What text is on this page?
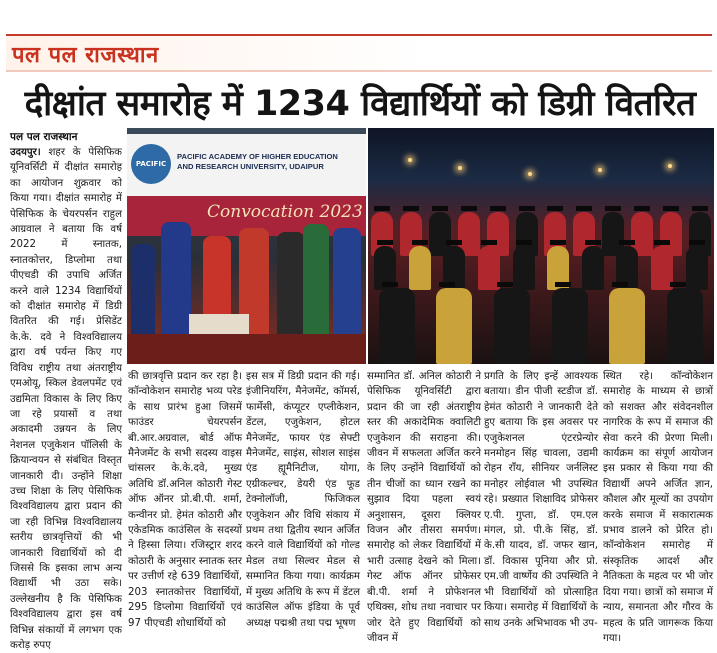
पल पल राजस्थान
दीक्षांत समारोह में 1234 विद्यार्थियों को डिग्री वितरित
पल पल राजस्थान
उदयपुर। शहर के पेसिफिक यूनिवर्सिटी में दीक्षांत समारोह का आयोजन शुक्रवार को किया गया। दीक्षांत समारोह में पेसिफिक के चेयरपर्सन राहुल आग्रवाल ने बताया कि वर्ष 2022 में स्नातक, स्नातकोत्तर, डिप्लोमा तथा पीएचडी की उपाधि अर्जित करने वाले 1234 विद्यार्थियों को दीक्षांत समारोह में डिग्री वितरित की गई। प्रेसिडेंट के.के. दवे ने विश्वविद्यालय द्वारा वर्ष पर्यन्त किए गए विविध राष्ट्रीय तथा अंतराष्ट्रीय एमओयू, स्किल डेवलपमेंट एवं उद्यमिता विकास के लिए किए जा रहे प्रयासों व तथा अकादमी उन्नयन के लिए नेशनल एजुकेशन पॉलिसी के क्रियान्वयन से संबंधित विस्तृत जानकारी दी। उन्होंने शिक्षा उच्च शिक्षा के लिए पेसिफिक विश्वविद्यालय द्वारा प्रदान की जा रही विभिन्न विश्वविद्यालय स्तरीय छात्रवृत्तियों की भी जानकारी विद्यार्थियों को दी जिससे कि इसका लाभ अन्य विद्यार्थी भी उठा सके। उल्लेखनीय है कि पेसिफिक विश्वविद्यालय द्वारा इस वर्ष विभिन्न संकायों में लगभग एक करोड़ रुपए
PACIFIC
PACIFIC ACADEMY OF HIGHER EDUCATION
AND RESEARCH UNIVERSITY, UDAIPUR
Convocation 2023
की छात्रवृत्ति प्रदान कर रहा है। कॉन्वोकेशन समारोह भव्य परेड के साथ प्रारंभ हुआ जिसमें फाउंडर चेयरपर्सन बी.आर.अग्रवाल, बोर्ड ऑफ मैनेजमेंट के सभी सदस्य वाइस चांसलर के.के.दवे, मुख्य अतिथि डॉ.अनिल कोठारी गेस्ट ऑफ ऑनर प्रो.बी.पी. शर्मा, कन्वीनर प्रो. हेमंत कोठारी और एकेडमिक काउंसिल के सदस्यों ने हिस्सा लिया। रजिस्ट्रार शरद कोठारी के अनुसार स्नातक स्तर पर उत्तीर्ण रहे 639 विद्यार्थियों, 203 स्नातकोत्तर विद्यार्थियों, 295 डिप्लोमा विद्यार्थियों एवं 97 पीएचडी शोधार्थियों को
इस सत्र में डिग्री प्रदान की गई। इंजीनियरिंग, मैनेजमेंट, कॉमर्स, फार्मेसी, कंप्यूटर एप्लीकेशन, डेंटल, एजुकेशन, होटल मैनेजमेंट, फायर एंड सेफ्टी मैनेजमेंट, साइंस, सोशल साइंस एंड ह्यूमैनिटीज, योगा, एग्रीकल्चर, डेयरी एंड फूड टेक्नोलॉजी, फिजिकल एजुकेशन और विधि संकाय में प्रथम तथा द्वितीय स्थान अर्जित करने वाले विद्यार्थियों को गोल्ड मेडल तथा सिल्वर मेडल से सम्मानित किया गया। कार्यक्रम में मुख्य अतिथि के रूप में डेंटल काउंसिल ऑफ इंडिया के पूर्व अध्यक्ष पद्मश्री तथा पद्म भूषण
सम्मानित डॉ. अनिल कोठारी ने पेसिफिक यूनिवर्सिटी द्वारा प्रदान की जा रही अंतराष्ट्रीय स्तर की अकादेमिक क्वालिटी एजुकेशन की सराहना की। जीवन में सफलता अर्जित करने के लिए उन्होंने विद्यार्थियों को तीन चीजों का ध्यान रखने का सुझाव दिया पहला स्वयं अनुशासन, दूसरा क्लियर विजन और तीसरा समर्पण। समारोह को लेकर विद्यार्थियों में भारी उत्साह देखने को मिला। गेस्ट ऑफ ऑनर प्रोफेसर बी.पी. शर्मा ने प्रोफेशनल एथिक्स, शोध तथा नवाचार पर जोर देते हुए विद्यार्थियों को जीवन में
प्रगति के लिए इन्हें आवश्यक बताया। डीन पीजी स्टडीज डॉ. हेमंत कोठारी ने जानकारी देते हुए बताया कि इस अवसर पर एजुकेशनल एंटरप्रेन्योर मनमोहन सिंह चावला, उद्यमी रोहन राँय, सीनियर जर्नलिस्ट मनोहर लोईवाल भी उपस्थित रहे। प्रख्यात शिक्षाविद प्रोफेसर ए.पी. गुप्ता, डॉ. एम.एल मंगल, प्रो. पी.के सिंह, डॉ. के.सी यादव, डॉ. जफर खान, डॉ. विकास पूनिया और प्रो. एम.जी वार्ष्णेय की उपस्थिति ने भी विद्यार्थियों को प्रोत्साहित किया। समारोह में विद्यार्थियों के साथ उनके अभिभावक भी उप-
स्थित रहे। कॉन्वोकेशन समारोह के माध्यम से छात्रों को सशक्त और संवेदनशील नागरिक के रूप में समाज की सेवा करने की प्रेरणा मिली। कार्यक्रम का संपूर्ण आयोजन इस प्रकार से किया गया की विद्यार्थी अपने अर्जित ज्ञान, कौशल और मूल्यों का उपयोग करके समाज में सकारात्मक प्रभाव डालने को प्रेरित हो। कॉन्वोकेशन समारोह में संस्कृतिक आदर्श और नैतिकता के महत्व पर भी जोर दिया गया। छात्रों को समाज में न्याय, समानता और गौरव के महत्व के प्रति जागरूक किया गया।
